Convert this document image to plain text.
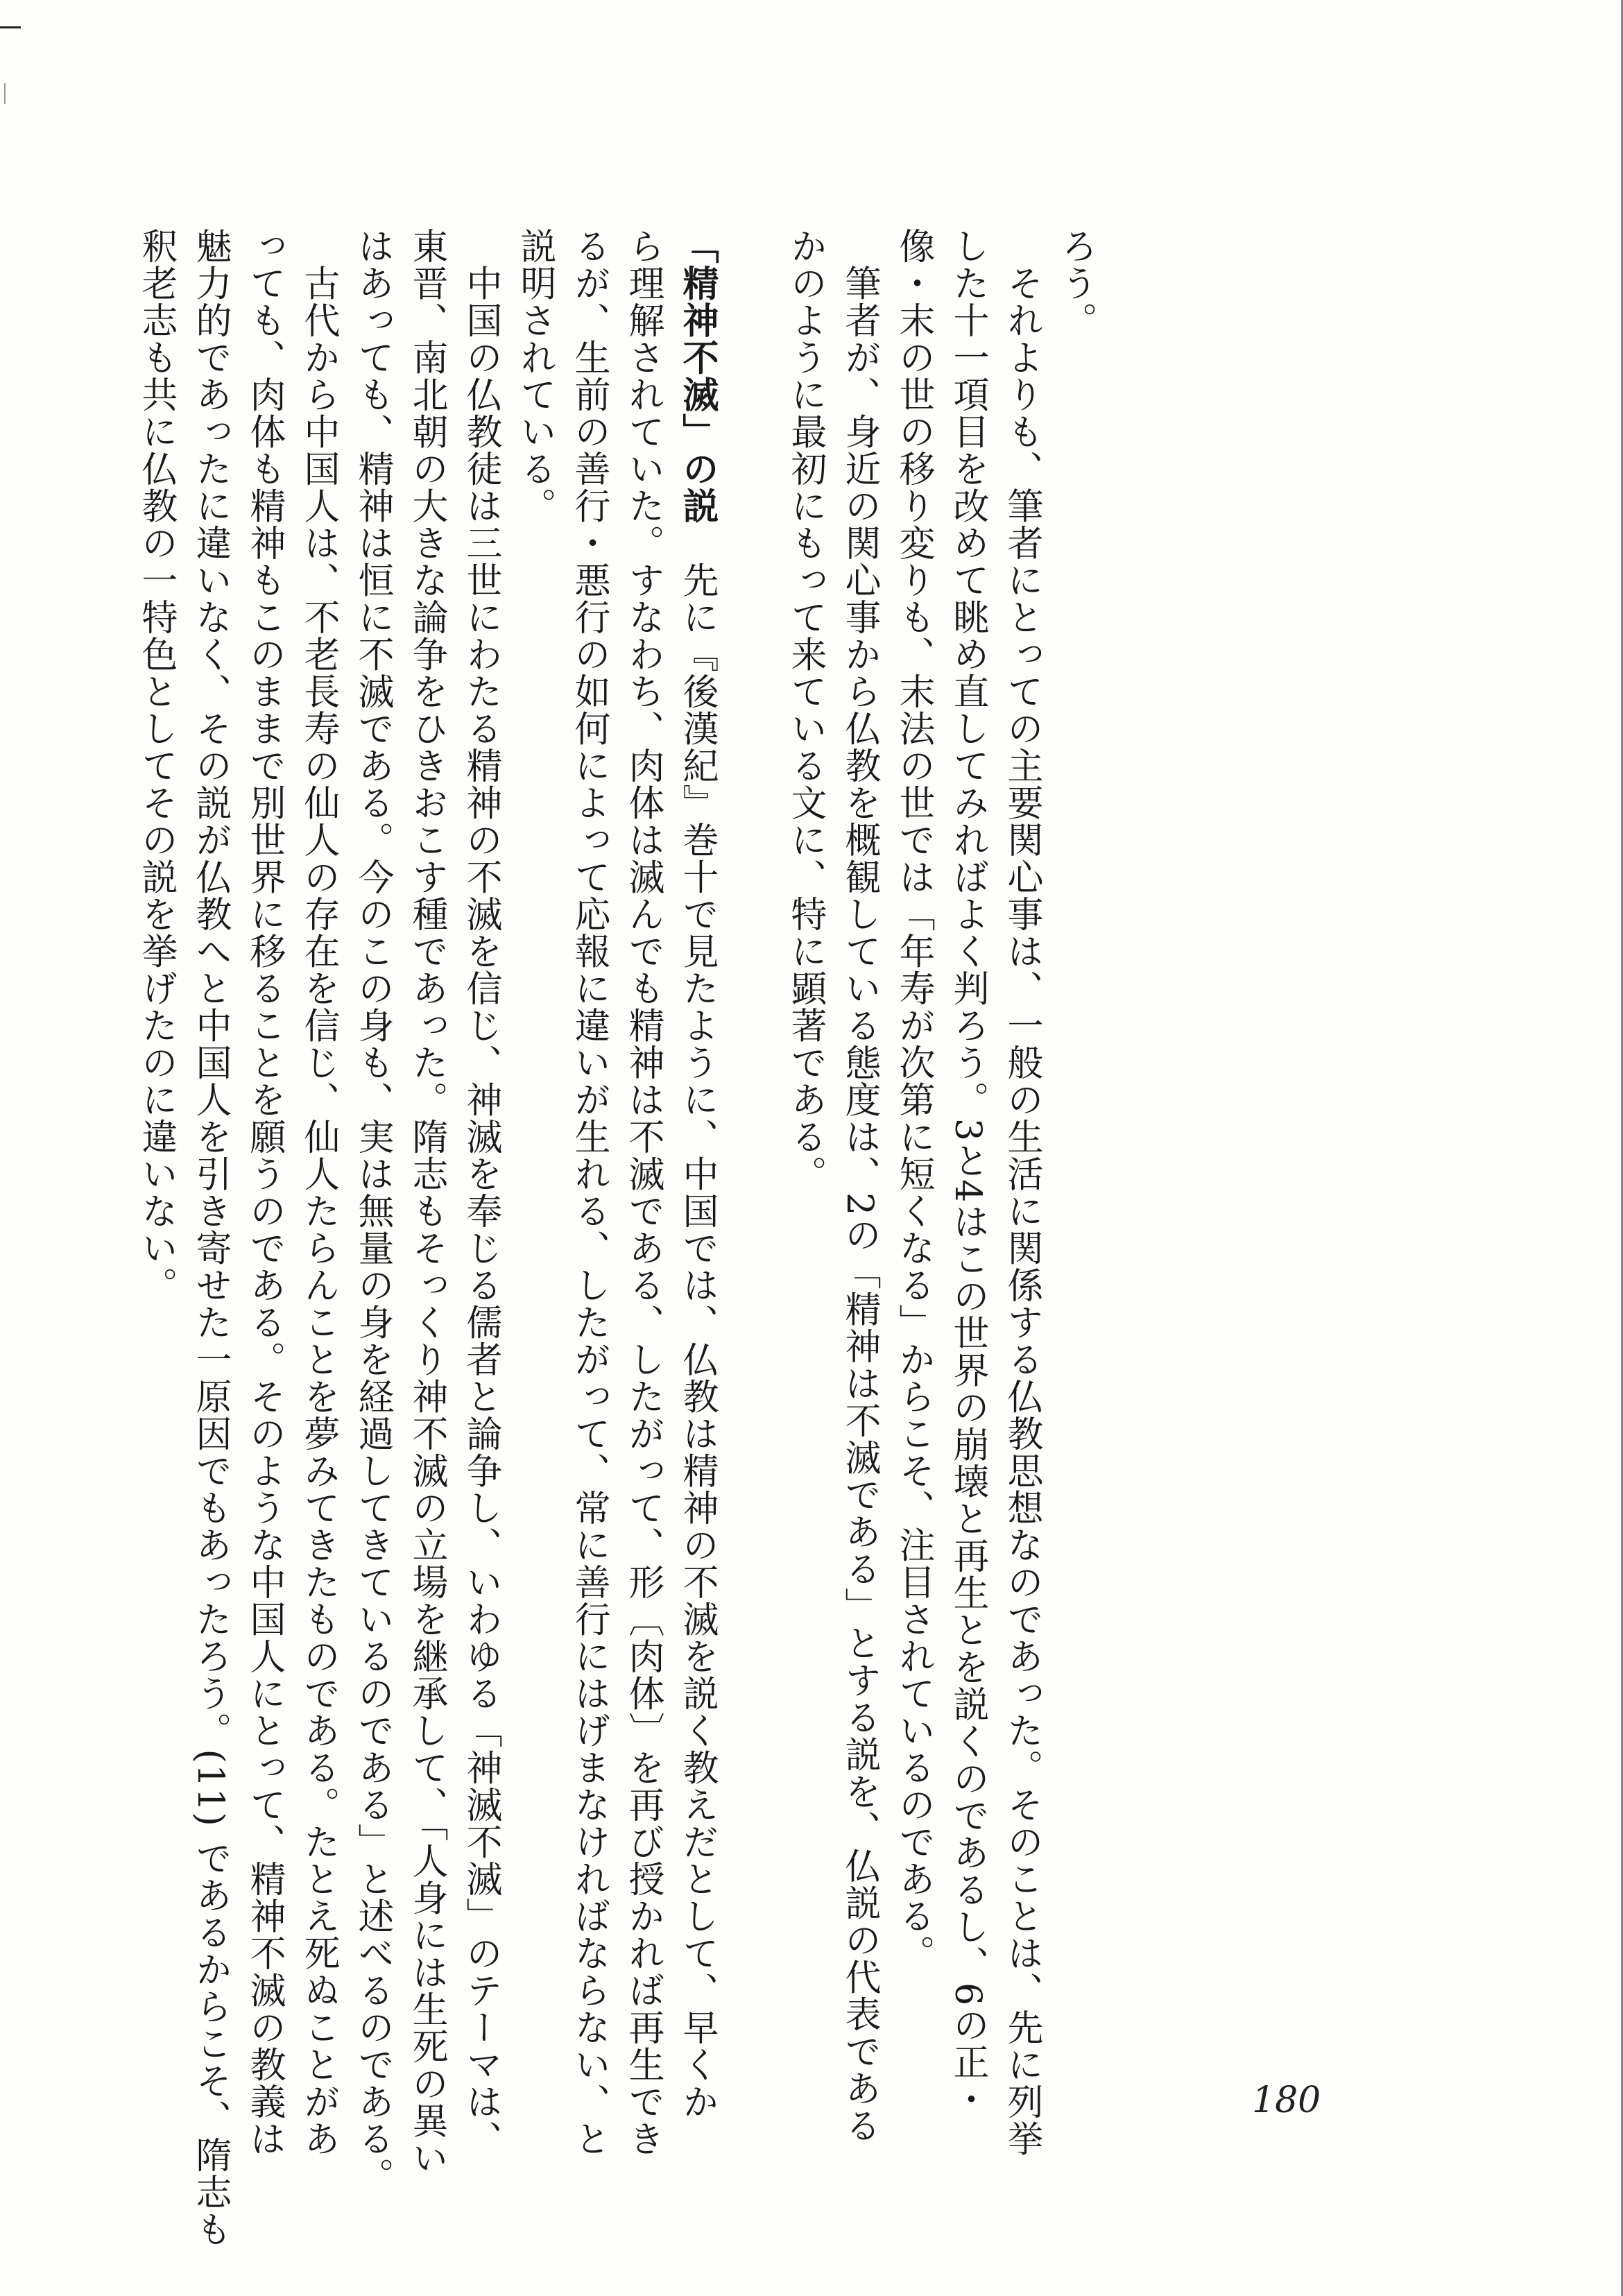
ろう。

　それよりも、筆者にとっての主要関心事は、一般の生活に関係する仏教思想なのであった。そのことは、先に列挙

した十一項目を改めて眺め直してみればよく判ろう。3と4はこの世界の崩壊と再生とを説くのであるし、6の正・

像・末の世の移り変りも、末法の世では「年寿が次第に短くなる」からこそ、注目されているのである。

　筆者が、身近の関心事から仏教を概観している態度は、2の「精神は不滅である」とする説を、仏説の代表である

かのように最初にもって来ている文に、特に顕著である。

「精神不滅」の説　先に『後漢紀』巻十で見たように、中国では、仏教は精神の不滅を説く教えだとして、早くか

ら理解されていた。すなわち、肉体は滅んでも精神は不滅である、したがって、形〔肉体〕を再び授かれば再生でき

るが、生前の善行・悪行の如何によって応報に違いが生れる、したがって、常に善行にはげまなければならない、と

説明されている。

　中国の仏教徒は三世にわたる精神の不滅を信じ、神滅を奉じる儒者と論争し、いわゆる「神滅不滅」のテーマは、

東晋、南北朝の大きな論争をひきおこす種であった。隋志もそっくり神不滅の立場を継承して、「人身には生死の異い

はあっても、精神は恒に不滅である。今のこの身も、実は無量の身を経過してきているのである」と述べるのである。

　古代から中国人は、不老長寿の仙人の存在を信じ、仙人たらんことを夢みてきたものである。たとえ死ぬことがあ

っても、肉体も精神もこのままで別世界に移ることを願うのである。そのような中国人にとって、精神不滅の教義は

魅力的であったに違いなく、その説が仏教へと中国人を引き寄せた一原因でもあったろう。(11) であるからこそ、隋志も

釈老志も共に仏教の一特色としてその説を挙げたのに違いない。

180
